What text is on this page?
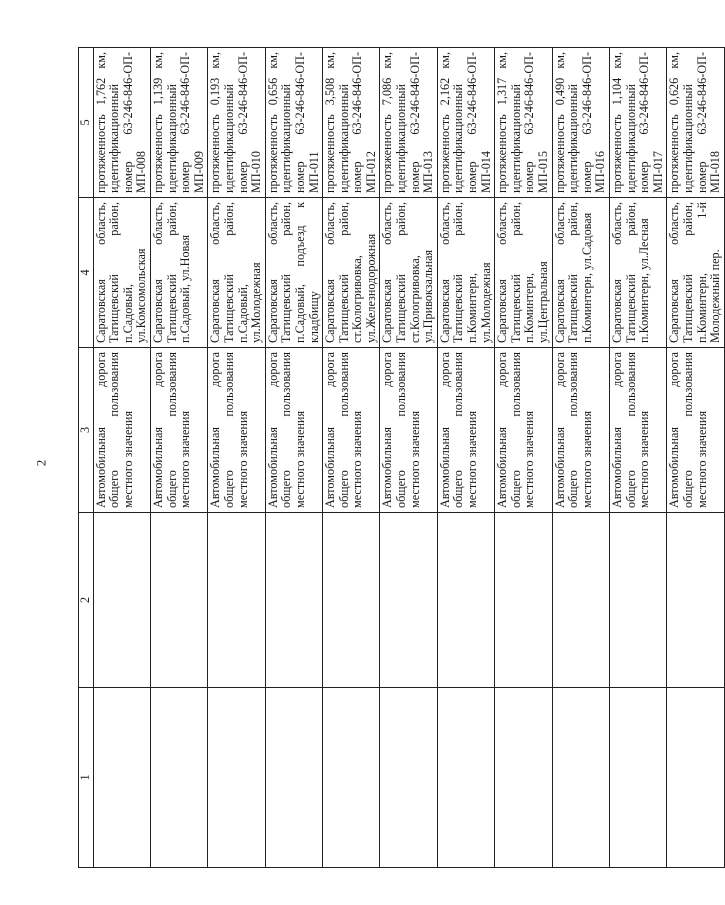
2
1	2	3	4	5
		Автомобильная дорога общего пользования местного значения	Саратовская область, Татищевский район, п.Садовый, ул.Комсомольская	протяженность 1,762 км, идентификационный номер 63-246-846-ОП-МП-008
		Автомобильная дорога общего пользования местного значения	Саратовская область, Татищевский район, п.Садовый, ул.Новая	протяженность 1,139 км, идентификационный номер 63-246-846-ОП-МП-009
		Автомобильная дорога общего пользования местного значения	Саратовская область, Татищевский район, п.Садовый, ул.Молодежная	протяженность 0,193 км, идентификационный номер 63-246-846-ОП-МП-010
		Автомобильная дорога общего пользования местного значения	Саратовская область, Татищевский район, п.Садовый, подъезд к кладбищу	протяженность 0,656 км, идентификационный номер 63-246-846-ОП-МП-011
		Автомобильная дорога общего пользования местного значения	Саратовская область, Татищевский район, ст.Кологривовка, ул.Железнодорожная	протяженность 3,508 км, идентификационный номер 63-246-846-ОП-МП-012
		Автомобильная дорога общего пользования местного значения	Саратовская область, Татищевский район, ст.Кологривовка, ул.Привокзальная	протяженность 7,086 км, идентификационный номер 63-246-846-ОП-МП-013
		Автомобильная дорога общего пользования местного значения	Саратовская область, Татищевский район, п.Коминтерн, ул.Молодежная	протяженность 2,162 км, идентификационный номер 63-246-846-ОП-МП-014
		Автомобильная дорога общего пользования местного значения	Саратовская область, Татищевский район, п.Коминтерн, ул.Центральная	протяженность 1,317 км, идентификационный номер 63-246-846-ОП-МП-015
		Автомобильная дорога общего пользования местного значения	Саратовская область, Татищевский район, п.Коминтерн, ул.Садовая	протяженность 0,490 км, идентификационный номер 63-246-846-ОП-МП-016
		Автомобильная дорога общего пользования местного значения	Саратовская область, Татищевский район, п.Коминтерн, ул.Лесная	протяженность 1,104 км, идентификационный номер 63-246-846-ОП-МП-017
		Автомобильная дорога общего пользования местного значения	Саратовская область, Татищевский район, п.Коминтерн, 1-й Молодежный пер.	протяженность 0,626 км, идентификационный номер 63-246-846-ОП-МП-018
